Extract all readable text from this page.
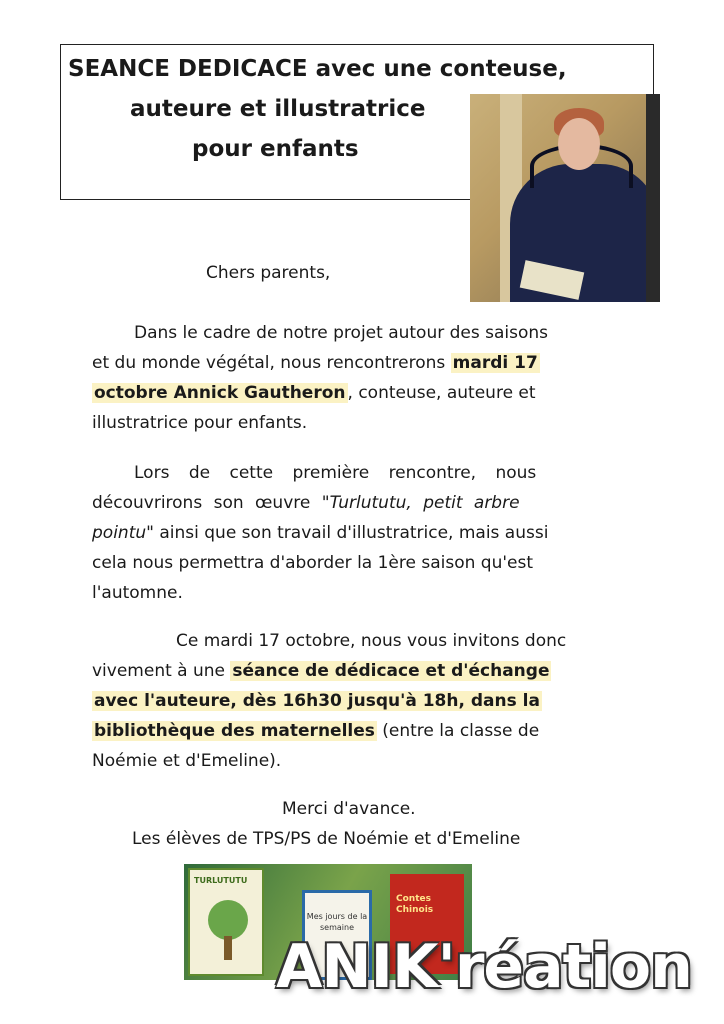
SEANCE DEDICACE avec une conteuse,
auteure et illustratrice
pour enfants
Chers parents,
Dans le cadre de notre projet autour des saisons
et du monde végétal, nous rencontrerons mardi 17
octobre Annick Gautheron , conteuse, auteure et
illustratrice pour enfants.
Lors de cette première rencontre, nous
découvrirons son œuvre "Turlututu, petit arbre
pointu" ainsi que son travail d'illustratrice, mais aussi
cela nous permettra d'aborder la 1ère saison qu'est
l'automne.
Ce mardi 17 octobre, nous vous invitons donc
vivement à une séance de dédicace et d'échange
avec l'auteure, dès 16h30 jusqu'à 18h, dans la
bibliothèque des maternelles (entre la classe de
Noémie et d'Emeline).
Merci d'avance.
Les élèves de TPS/PS de Noémie et d'Emeline
TURLUTUTU
Mes jours de la semaine
Contes Chinois
ANIK'réation
